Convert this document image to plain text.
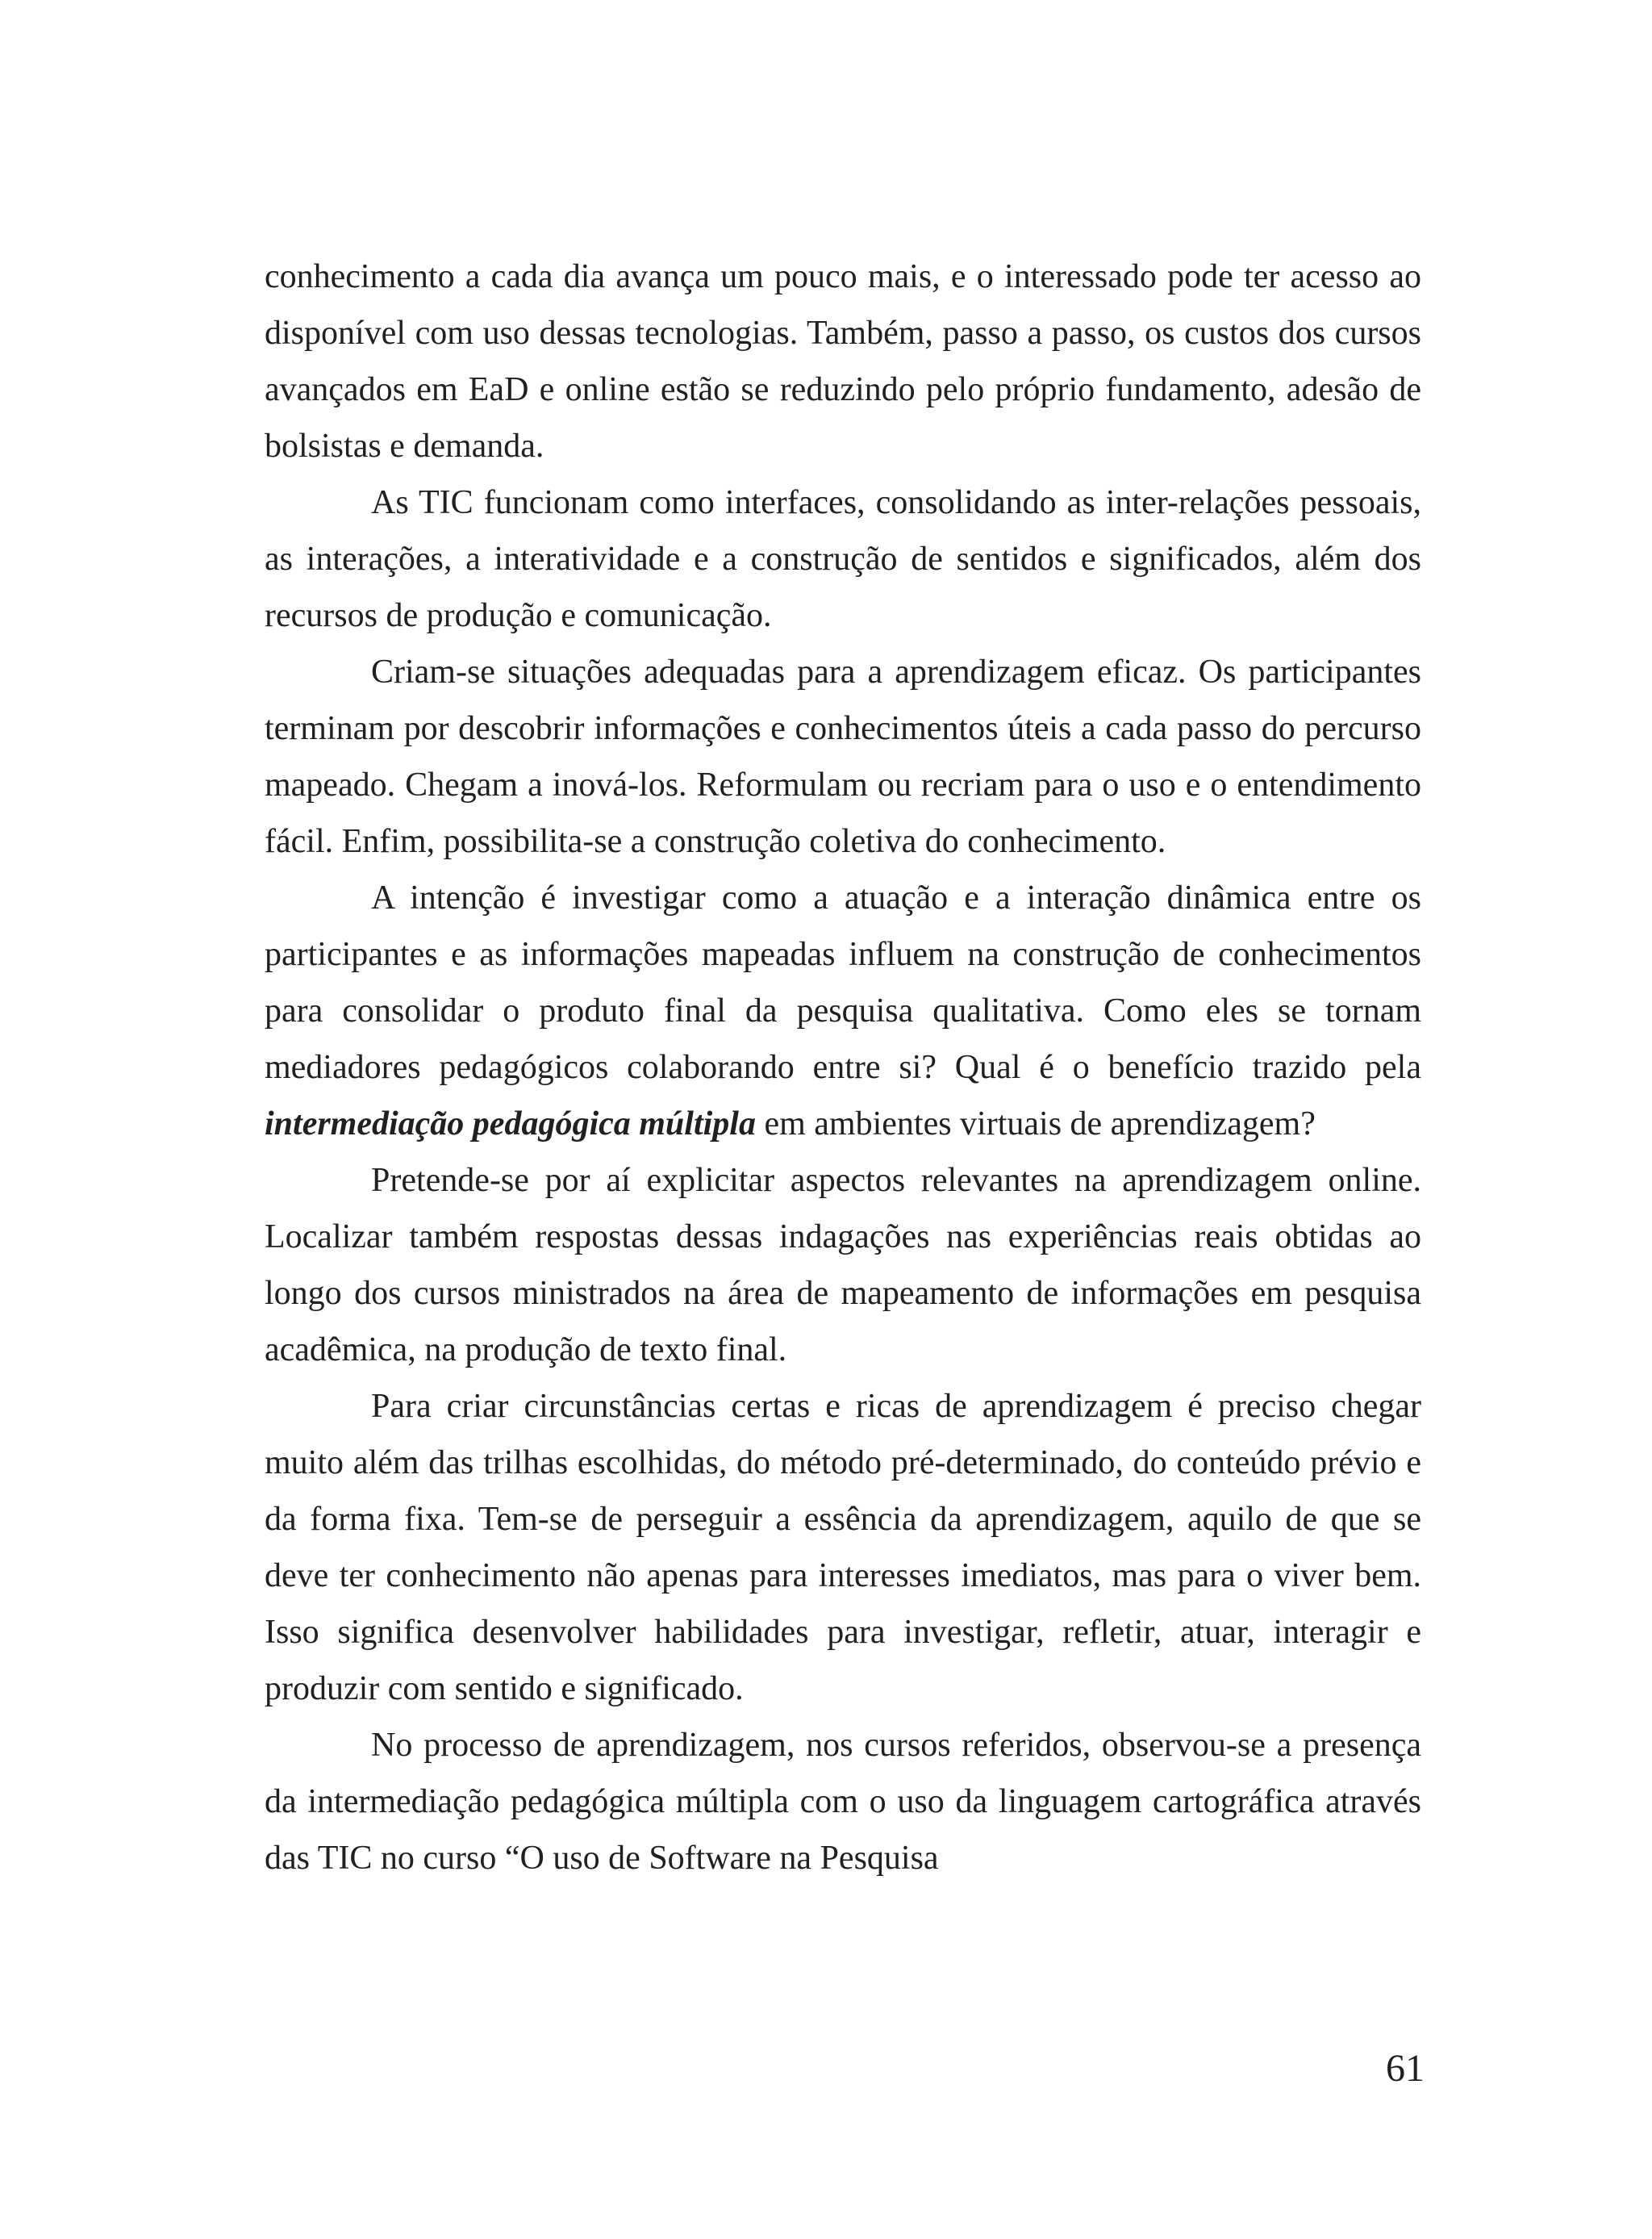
conhecimento a cada dia avança um pouco mais, e o interessado pode ter acesso ao disponível com uso dessas tecnologias. Também, passo a passo, os custos dos cursos avançados em EaD e online estão se reduzindo pelo próprio fundamento, adesão de bolsistas e demanda.

As TIC funcionam como interfaces, consolidando as inter-relações pessoais, as interações, a interatividade e a construção de sentidos e significados, além dos recursos de produção e comunicação.

Criam-se situações adequadas para a aprendizagem eficaz. Os participantes terminam por descobrir informações e conhecimentos úteis a cada passo do percurso mapeado. Chegam a inová-los. Reformulam ou recriam para o uso e o entendimento fácil. Enfim, possibilita-se a construção coletiva do conhecimento.

A intenção é investigar como a atuação e a interação dinâmica entre os participantes e as informações mapeadas influem na construção de conhecimentos para consolidar o produto final da pesquisa qualitativa. Como eles se tornam mediadores pedagógicos colaborando entre si? Qual é o benefício trazido pela intermediação pedagógica múltipla em ambientes virtuais de aprendizagem?

Pretende-se por aí explicitar aspectos relevantes na aprendizagem online. Localizar também respostas dessas indagações nas experiências reais obtidas ao longo dos cursos ministrados na área de mapeamento de informações em pesquisa acadêmica, na produção de texto final.

Para criar circunstâncias certas e ricas de aprendizagem é preciso chegar muito além das trilhas escolhidas, do método pré-determinado, do conteúdo prévio e da forma fixa. Tem-se de perseguir a essência da aprendizagem, aquilo de que se deve ter conhecimento não apenas para interesses imediatos, mas para o viver bem. Isso significa desenvolver habilidades para investigar, refletir, atuar, interagir e produzir com sentido e significado.

No processo de aprendizagem, nos cursos referidos, observou-se a presença da intermediação pedagógica múltipla com o uso da linguagem cartográfica através das TIC no curso “O uso de Software na Pesquisa

61
